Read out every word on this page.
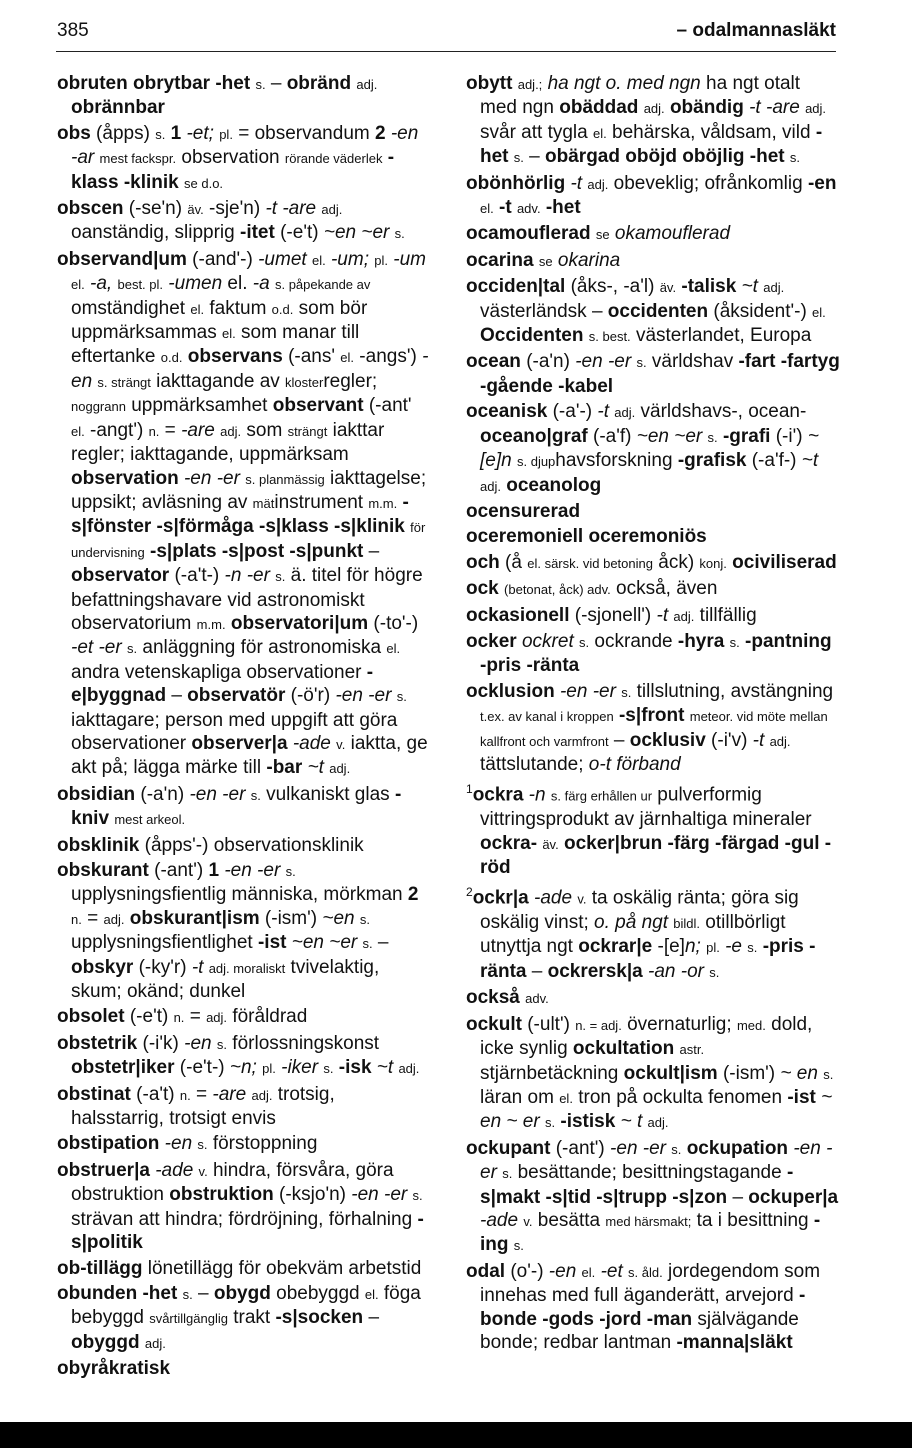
385	– odalmannasläkt

obruten obrytbar -het s. – obränd adj. obrännbar

obs (åpps) s. 1 -et; pl. = observandum 2 -en -ar mest fackspr. observation rörande väderlek -klass -klinik se d.o.

obscen (-se'n) äv. -sje'n) -t -are adj. oanständig, slipprig -itet (-e't) ~en ~er s.

observand|um (-and'-) -umet el. -um; pl. -um el. -a, best. pl. -umen el. -a s. påpekande av omständighet el. faktum o.d. som bör uppmärksammas el. som manar till eftertanke o.d. observans (-ans' el. -angs') -en s. strängt iakttagande av klosterregler; noggrann uppmärksamhet observant (-ant' el. -angt') n. = -are adj. som strängt iakttar regler; iakttagande, uppmärksam observation -en -er s. planmässig iakttagelse; uppsikt; avläsning av mätinstrument m.m. -s|fönster -s|förmåga -s|klass -s|klinik för undervisning -s|plats -s|post -s|punkt – observator (-a't-) -n -er s. ä. titel för högre befattningshavare vid astronomiskt observatorium m.m. observatori|um (-to'-) -et -er s. anläggning för astronomiska el. andra vetenskapliga observationer -e|byggnad – observatör (-ö'r) -en -er s. iakttagare; person med uppgift att göra observationer observer|a -ade v. iaktta, ge akt på; lägga märke till -bar ~t adj.

obsidian (-a'n) -en -er s. vulkaniskt glas -kniv mest arkeol.

obsklinik (åpps'-) observationsklinik

obskurant (-ant') 1 -en -er s. upplysningsfientlig människa, mörkman 2 n. = adj. obskurant|ism (-ism') ~en s. upplysningsfientlighet -ist ~en ~er s. – obskyr (-ky'r) -t adj. moraliskt tvivelaktig, skum; okänd; dunkel

obsolet (-e't) n. = adj. föråldrad

obstetrik (-i'k) -en s. förlossningskonst obstetr|iker (-e't-) ~n; pl. -iker s. -isk ~t adj.

obstinat (-a't) n. = -are adj. trotsig, halsstarrig, trotsigt envis

obstipation -en s. förstoppning

obstruer|a -ade v. hindra, försvåra, göra obstruktion obstruktion (-ksjo'n) -en -er s. strävan att hindra; fördröjning, förhalning -s|politik

ob-tillägg lönetillägg för obekväm arbetstid

obunden -het s. – obygd obebyggd el. föga bebyggd svårtillgänglig trakt -s|socken – obyggd adj.

obyråkratisk

obytt adj.; ha ngt o. med ngn ha ngt otalt med ngn obäddad adj. obändig -t -are adj. svår att tygla el. behärska, våldsam, vild -het s. – obärgad oböjd oböjlig -het s.

obönhörlig -t adj. obeveklig; ofrånkomlig -en el. -t adv. -het

ocamouflerad se okamouflerad

ocarina se okarina

occiden|tal (åks-, -a'l) äv. -talisk ~t adj. västerländsk – occidenten (åksident'-) el. Occidenten s. best. västerlandet, Europa

ocean (-a'n) -en -er s. världshav -fart -fartyg -gående -kabel

oceanisk (-a'-) -t adj. världshavs-, ocean- oceano|graf (-a'f) ~en ~er s. -grafi (-i') ~[e]n s. djuphavsforskning -grafisk (-a'f-) ~t adj. oceanolog

ocensurerad

oceremoniell oceremoniös

och (å el. särsk. vid betoning åck) konj. ociviliserad

ock (betonat, åck) adv. också, även

ockasionell (-sjonell') -t adj. tillfällig

ocker ockret s. ockrande -hyra s. -pantning -pris -ränta

ocklusion -en -er s. tillslutning, avstängning t.ex. av kanal i kroppen -s|front meteor. vid möte mellan kallfront och varmfront – ocklusiv (-i'v) -t adj. tättslutande; o-t förband

$^1$ockra -n s. färg erhållen ur pulverformig vittringsprodukt av järnhaltiga mineraler ockra- äv. ocker|brun -färg -färgad -gul -röd

$^2$ockr|a -ade v. ta oskälig ränta; göra sig oskälig vinst; o. på ngt bildl. otillbörligt utnyttja ngt ockrar|e -[e]n; pl. -e s. -pris -ränta – ockrersk|a -an -or s.

också adv.

ockult (-ult') n. = adj. övernaturlig; med. dold, icke synlig ockultation astr. stjärnbetäckning ockult|ism (-ism') ~ en s. läran om el. tron på ockulta fenomen -ist ~ en ~ er s. -istisk ~ t adj.

ockupant (-ant') -en -er s. ockupation -en -er s. besättande; besittningstagande -s|makt -s|tid -s|trupp -s|zon – ockuper|a -ade v. besätta med härsmakt; ta i besittning -ing s.

odal (o'-) -en el. -et s. åld. jordegendom som innehas med full äganderätt, arvejord -bonde -gods -jord -man självägande bonde; redbar lantman -manna|släkt
